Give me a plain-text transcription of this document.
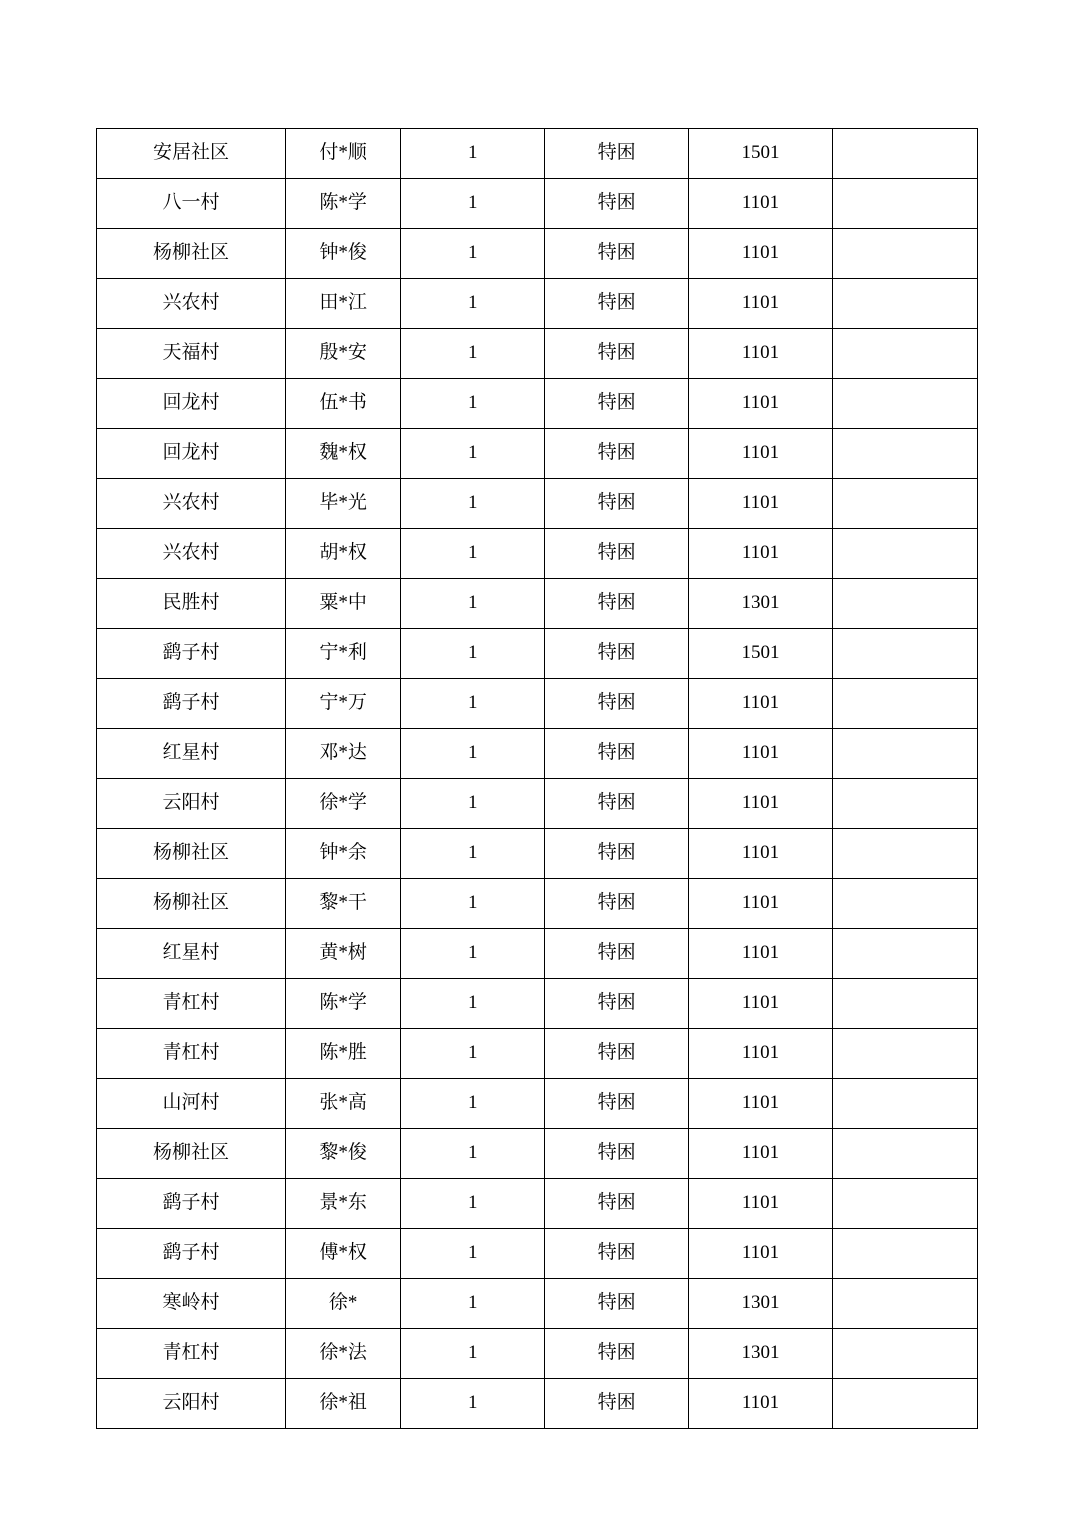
安居社区	付*顺	1	特困	1501	
八一村	陈*学	1	特困	1101	
杨柳社区	钟*俊	1	特困	1101	
兴农村	田*江	1	特困	1101	
天福村	殷*安	1	特困	1101	
回龙村	伍*书	1	特困	1101	
回龙村	魏*权	1	特困	1101	
兴农村	毕*光	1	特困	1101	
兴农村	胡*权	1	特困	1101	
民胜村	粟*中	1	特困	1301	
鹞子村	宁*利	1	特困	1501	
鹞子村	宁*万	1	特困	1101	
红星村	邓*达	1	特困	1101	
云阳村	徐*学	1	特困	1101	
杨柳社区	钟*余	1	特困	1101	
杨柳社区	黎*干	1	特困	1101	
红星村	黄*树	1	特困	1101	
青杠村	陈*学	1	特困	1101	
青杠村	陈*胜	1	特困	1101	
山河村	张*高	1	特困	1101	
杨柳社区	黎*俊	1	特困	1101	
鹞子村	景*东	1	特困	1101	
鹞子村	傅*权	1	特困	1101	
寒岭村	徐*	1	特困	1301	
青杠村	徐*法	1	特困	1301	
云阳村	徐*祖	1	特困	1101	
